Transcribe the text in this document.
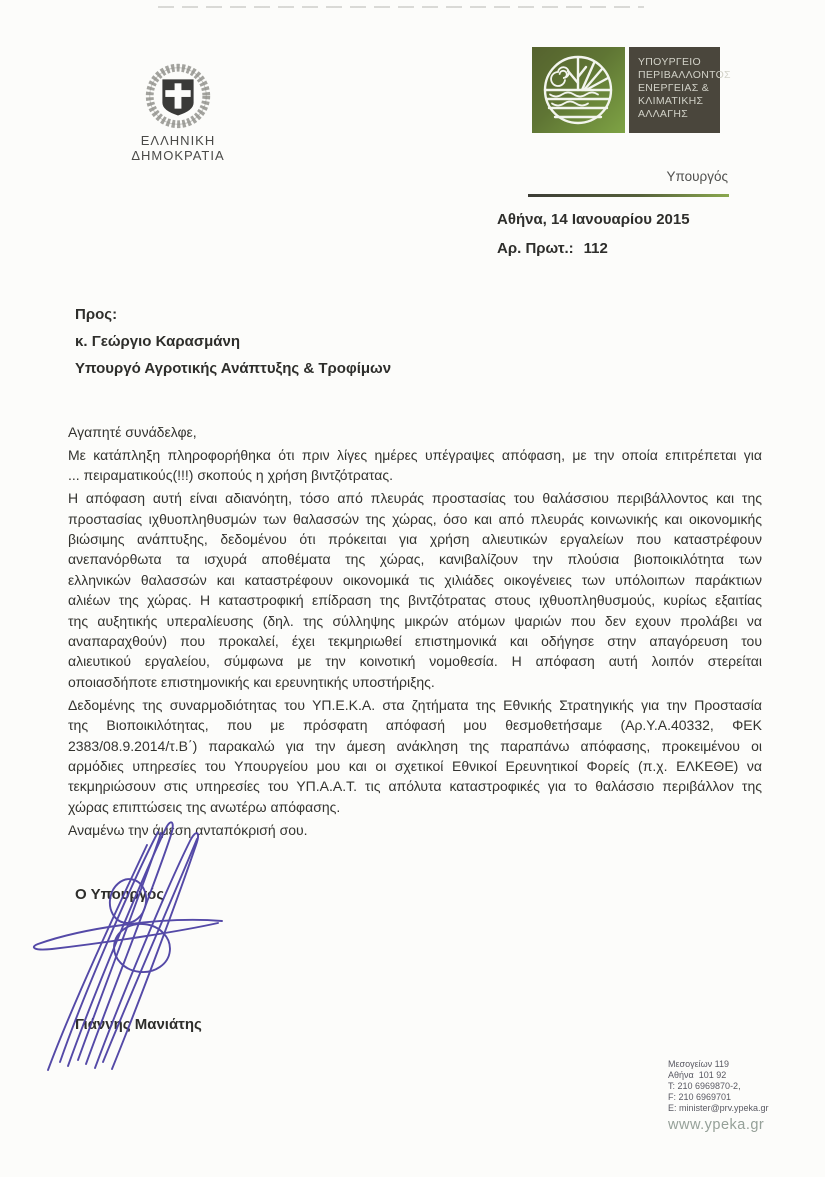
ΕΛΛΗΝΙΚΗ ΔΗΜΟΚΡΑΤΙΑ
ΥΠΟΥΡΓΕΙΟ
ΠΕΡΙΒΑΛΛΟΝΤΟΣ
ΕΝΕΡΓΕΙΑΣ &
ΚΛΙΜΑΤΙΚΗΣ
ΑΛΛΑΓΗΣ
Υπουργός
Αθήνα, 14 Ιανουαρίου 2015
Αρ. Πρωτ.: 112
Προς:
κ. Γεώργιο Καρασμάνη
Υπουργό Αγροτικής Ανάπτυξης & Τροφίμων
Αγαπητέ συνάδελφε,
Με κατάπληξη πληροφορήθηκα ότι πριν λίγες ημέρες υπέγραψες απόφαση, με την οποία επιτρέπεται για
... πειραματικούς(!!!) σκοπούς η χρήση βιντζότρατας.
Η απόφαση αυτή είναι αδιανόητη, τόσο από πλευράς προστασίας του θαλάσσιου περιβάλλοντος και της
προστασίας ιχθυοπληθυσμών των θαλασσών της χώρας, όσο και από πλευράς κοινωνικής και οικονομικής
βιώσιμης ανάπτυξης, δεδομένου ότι πρόκειται για χρήση αλιευτικών εργαλείων που καταστρέφουν
ανεπανόρθωτα τα ισχυρά αποθέματα της χώρας, κανιβαλίζουν την πλούσια βιοποικιλότητα των
ελληνικών θαλασσών και καταστρέφουν οικονομικά τις χιλιάδες οικογένειες των υπόλοιπων παράκτιων
αλιέων της χώρας. Η καταστροφική επίδραση της βιντζότρατας στους ιχθυοπληθυσμούς, κυρίως εξαιτίας
της αυξητικής υπεραλίευσης (δηλ. της σύλληψης μικρών ατόμων ψαριών που δεν εχουν προλάβει να
αναπαραχθούν) που προκαλεί, έχει τεκμηριωθεί επιστημονικά και οδήγησε στην απαγόρευση του
αλιευτικού εργαλείου, σύμφωνα με την κοινοτική νομοθεσία. Η απόφαση αυτή λοιπόν στερείται
οποιασδήποτε επιστημονικής και ερευνητικής υποστήριξης.
Δεδομένης της συναρμοδιότητας του ΥΠ.Ε.Κ.Α. στα ζητήματα της Εθνικής Στρατηγικής για την Προστασία
της Βιοποικιλότητας, που με πρόσφατη απόφασή μου θεσμοθετήσαμε (Αρ.Υ.Α.40332, ΦΕΚ
2383/08.9.2014/τ.Β΄) παρακαλώ για την άμεση ανάκληση της παραπάνω απόφασης, προκειμένου οι
αρμόδιες υπηρεσίες του Υπουργείου μου και οι σχετικοί Εθνικοί Ερευνητικοί Φορείς (π.χ. ΕΛΚΕΘΕ) να
τεκμηριώσουν στις υπηρεσίες του ΥΠ.Α.Α.Τ. τις απόλυτα καταστροφικές για το θαλάσσιο περιβάλλον της
χώρας επιπτώσεις της ανωτέρω απόφασης.
Αναμένω την άμεση ανταπόκρισή σου.
Ο Υπουργός
Γιάννης Μανιάτης
Μεσογείων 119
Αθήνα  101 92
Τ: 210 6969870-2,
F: 210 6969701
E: minister@prv.ypeka.gr
www.ypeka.gr
